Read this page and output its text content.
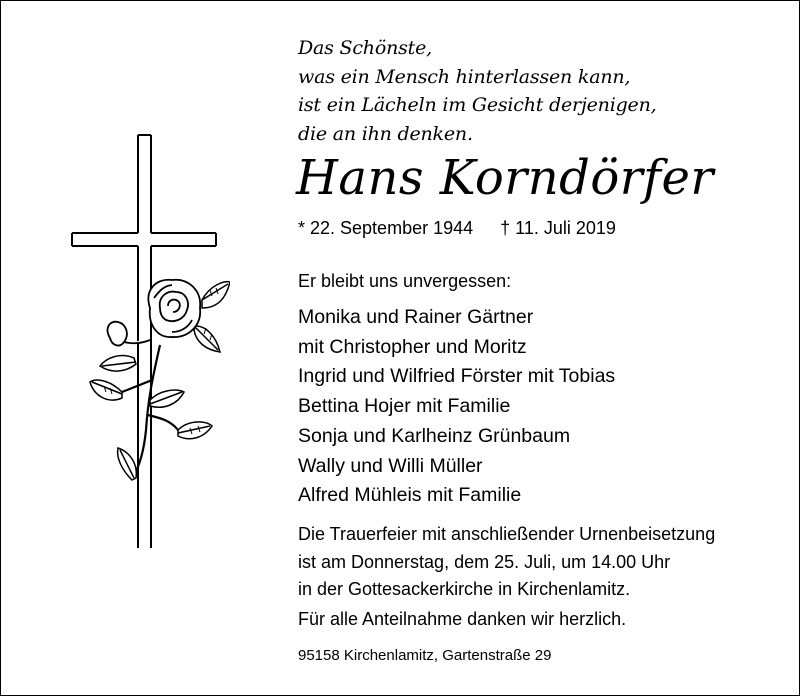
Das Schönste,
was ein Mensch hinterlassen kann,
ist ein Lächeln im Gesicht derjenigen,
die an ihn denken.
Hans Korndörfer
* 22. September 1944 † 11. Juli 2019
Er bleibt uns unvergessen:
Monika und Rainer Gärtner
mit Christopher und Moritz
Ingrid und Wilfried Förster mit Tobias
Bettina Hojer mit Familie
Sonja und Karlheinz Grünbaum
Wally und Willi Müller
Alfred Mühleis mit Familie
Die Trauerfeier mit anschließender Urnenbeisetzung
ist am Donnerstag, dem 25. Juli, um 14.00 Uhr
in der Gottesackerkirche in Kirchenlamitz.
Für alle Anteilnahme danken wir herzlich.
95158 Kirchenlamitz, Gartenstraße 29
